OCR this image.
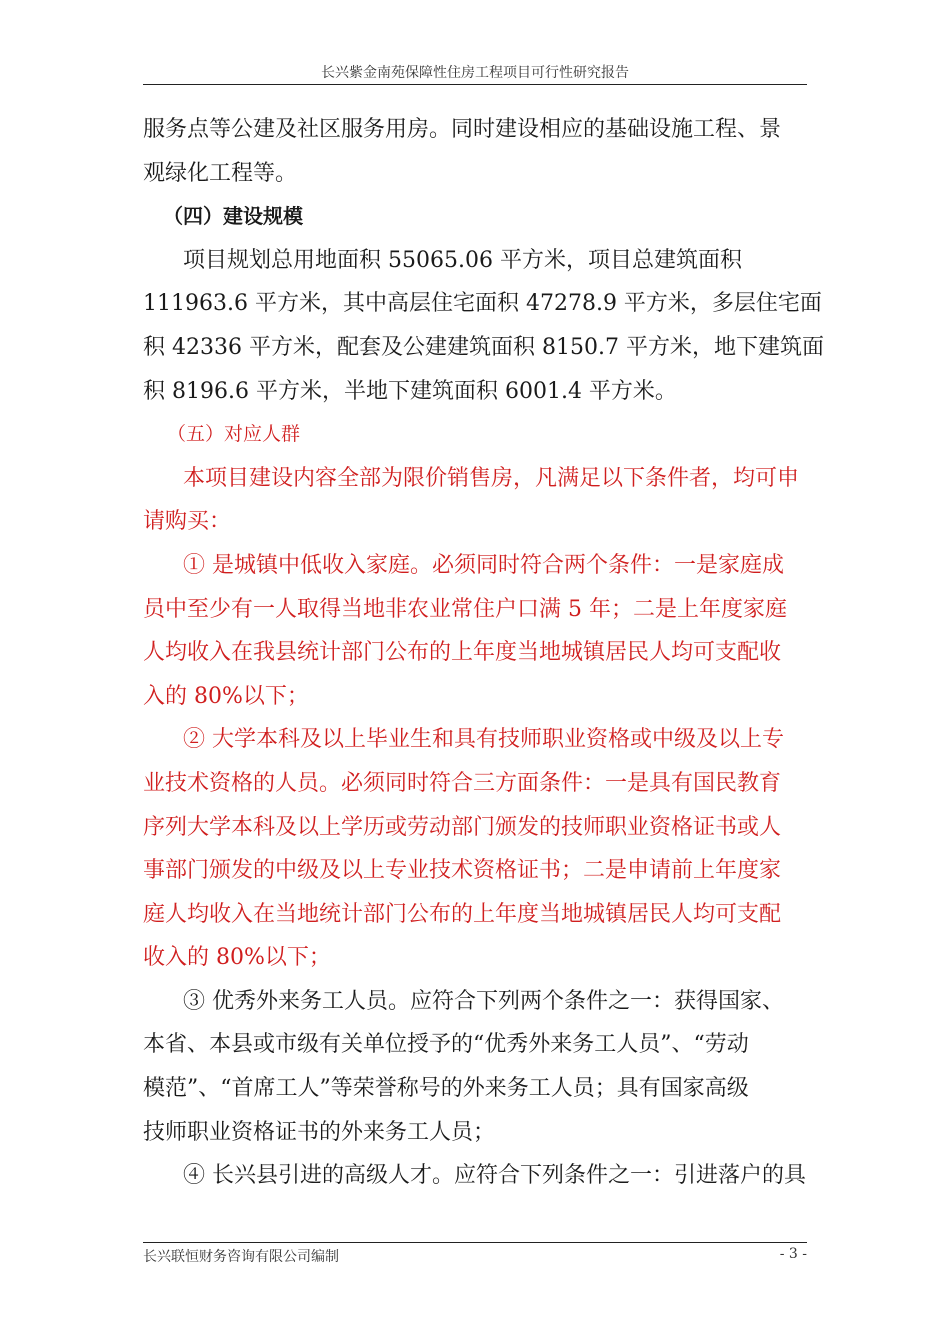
长兴紫金南苑保障性住房工程项目可行性研究报告

服务点等公建及社区服务用房。同时建设相应的基础设施工程、景

观绿化工程等。

（四）建设规模

项目规划总用地面积 55065.06 平方米，项目总建筑面积

111963.6 平方米，其中高层住宅面积 47278.9 平方米，多层住宅面

积 42336 平方米，配套及公建建筑面积 8150.7 平方米，地下建筑面

积 8196.6 平方米，半地下建筑面积 6001.4 平方米。

（五）对应人群

本项目建设内容全部为限价销售房，凡满足以下条件者，均可申

请购买：

① 是城镇中低收入家庭。必须同时符合两个条件：一是家庭成

员中至少有一人取得当地非农业常住户口满 5 年；二是上年度家庭

人均收入在我县统计部门公布的上年度当地城镇居民人均可支配收

入的 80%以下；

② 大学本科及以上毕业生和具有技师职业资格或中级及以上专

业技术资格的人员。必须同时符合三方面条件：一是具有国民教育

序列大学本科及以上学历或劳动部门颁发的技师职业资格证书或人

事部门颁发的中级及以上专业技术资格证书；二是申请前上年度家

庭人均收入在当地统计部门公布的上年度当地城镇居民人均可支配

收入的 80%以下；

③ 优秀外来务工人员。应符合下列两个条件之一：获得国家、

本省、本县或市级有关单位授予的“优秀外来务工人员”、“劳动

模范”、“首席工人”等荣誉称号的外来务工人员；具有国家高级

技师职业资格证书的外来务工人员；

④ 长兴县引进的高级人才。应符合下列条件之一：引进落户的具

长兴联恒财务咨询有限公司编制	- 3 -
